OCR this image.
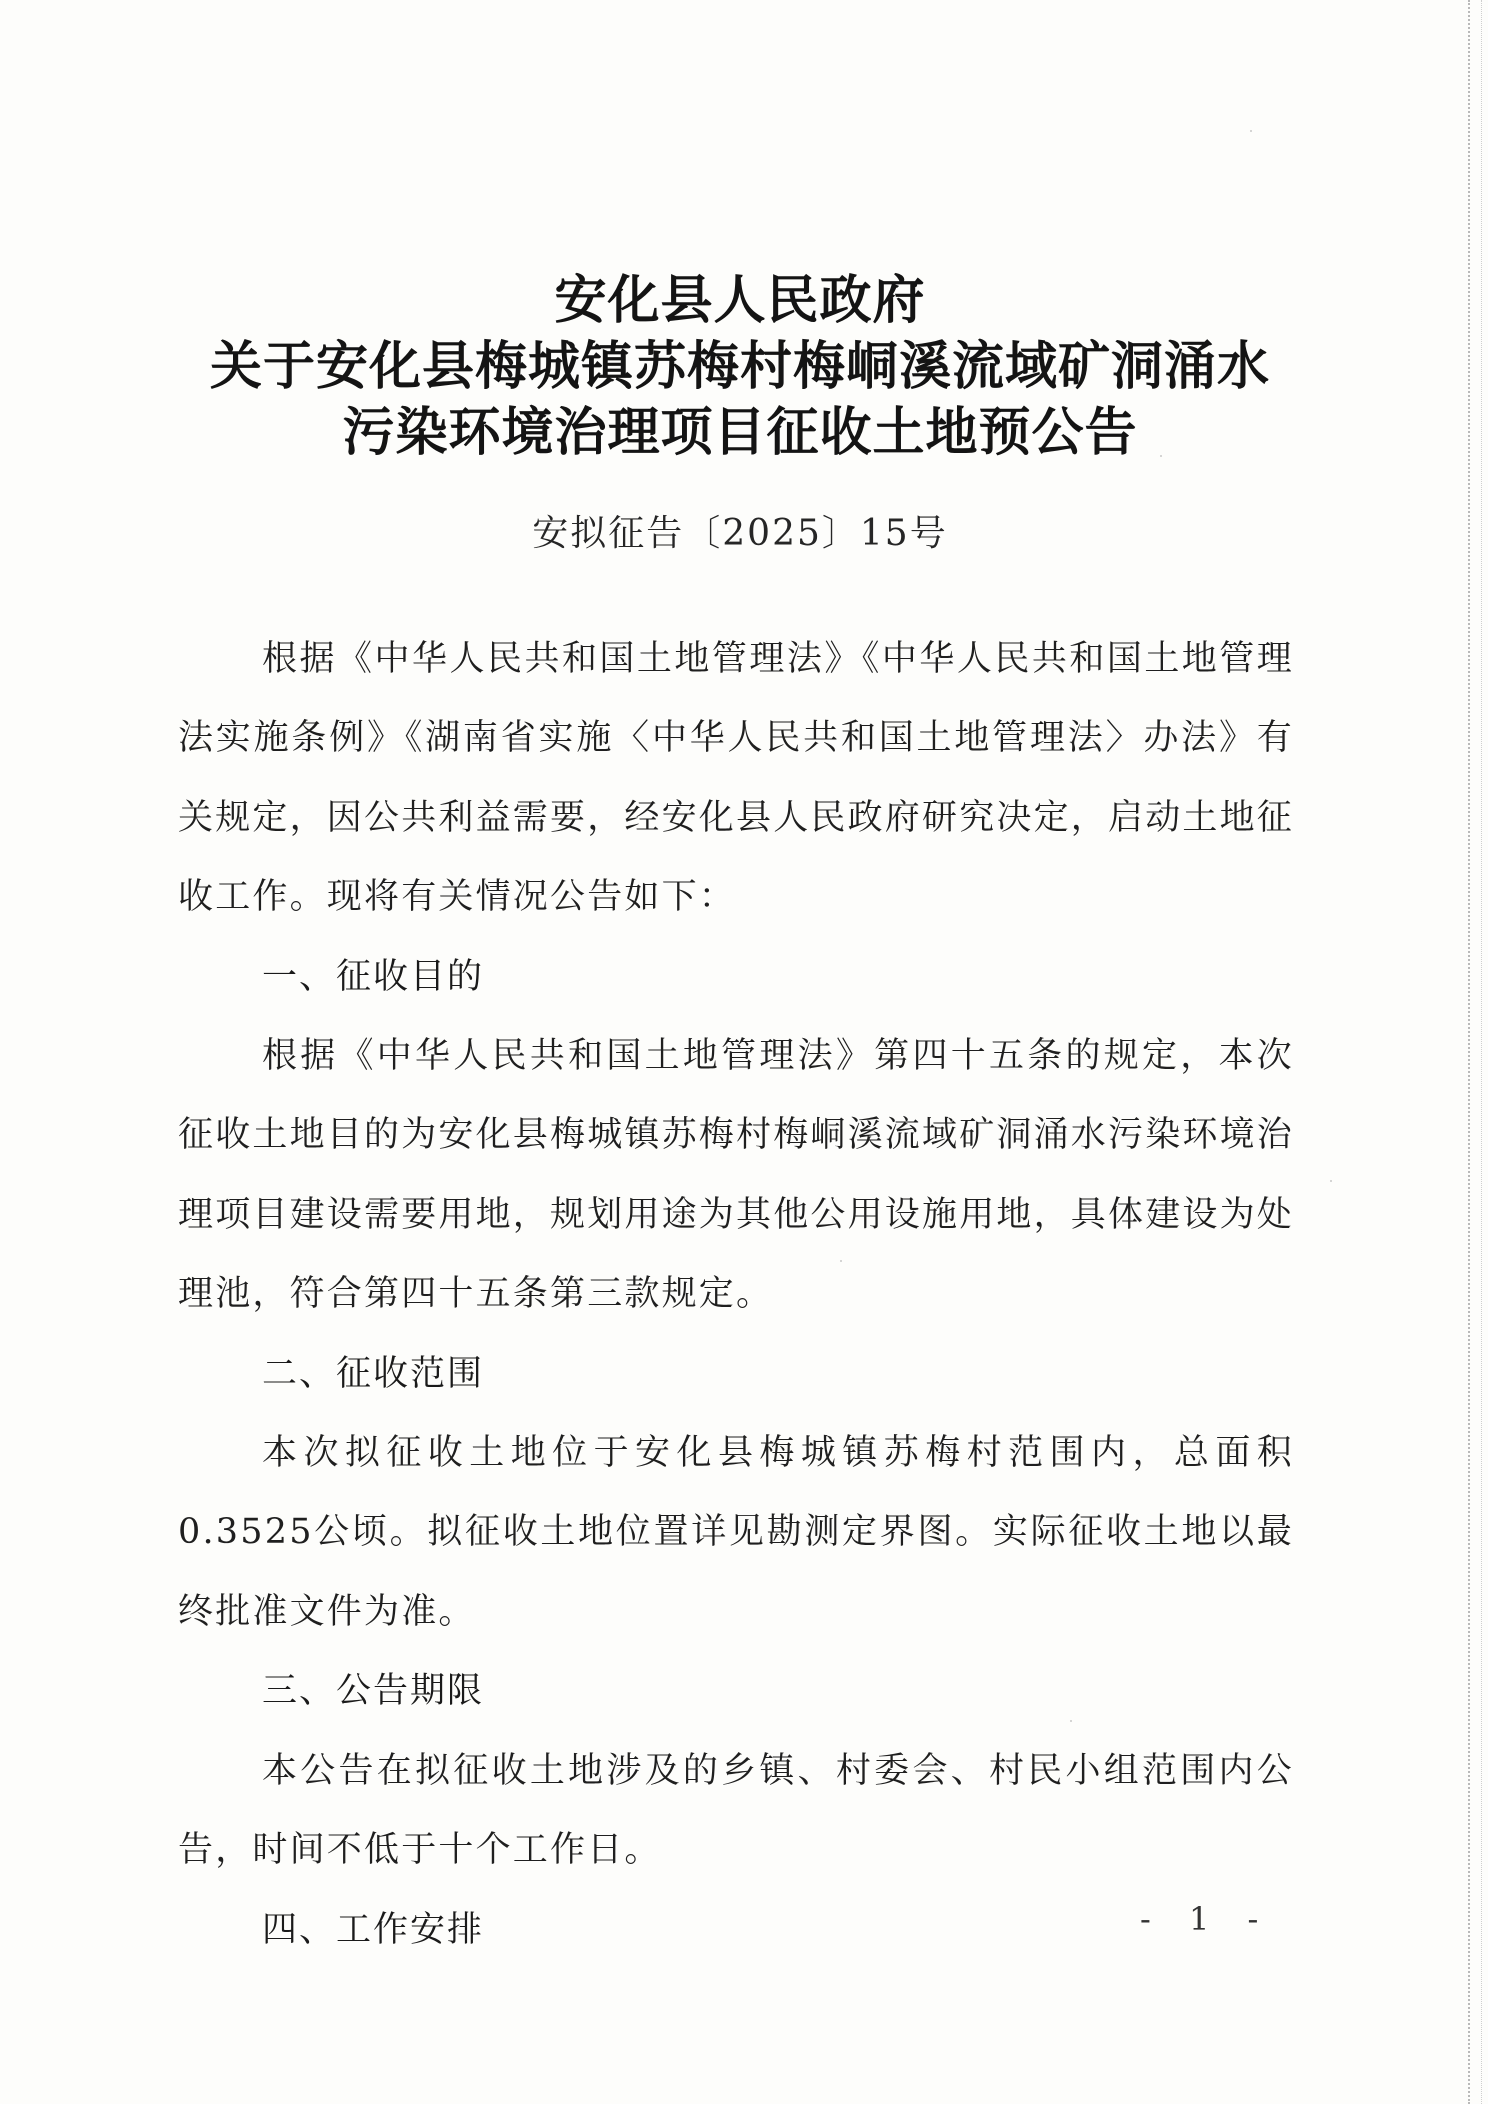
安化县人民政府
关于安化县梅城镇苏梅村梅峒溪流域矿洞涌水
污染环境治理项目征收土地预公告
安拟征告〔2025〕15号

根据《中华人民共和国土地管理法》《中华人民共和国土地管理法实施条例》《湖南省实施〈中华人民共和国土地管理法〉办法》有关规定，因公共利益需要，经安化县人民政府研究决定，启动土地征收工作。现将有关情况公告如下：

一、征收目的

根据《中华人民共和国土地管理法》第四十五条的规定，本次征收土地目的为安化县梅城镇苏梅村梅峒溪流域矿洞涌水污染环境治理项目建设需要用地，规划用途为其他公用设施用地，具体建设为处理池，符合第四十五条第三款规定。

二、征收范围

本次拟征收土地位于安化县梅城镇苏梅村范围内，总面积0.3525公顷。拟征收土地位置详见勘测定界图。实际征收土地以最终批准文件为准。

三、公告期限

本公告在拟征收土地涉及的乡镇、村委会、村民小组范围内公告，时间不低于十个工作日。

四、工作安排	- 1 -
